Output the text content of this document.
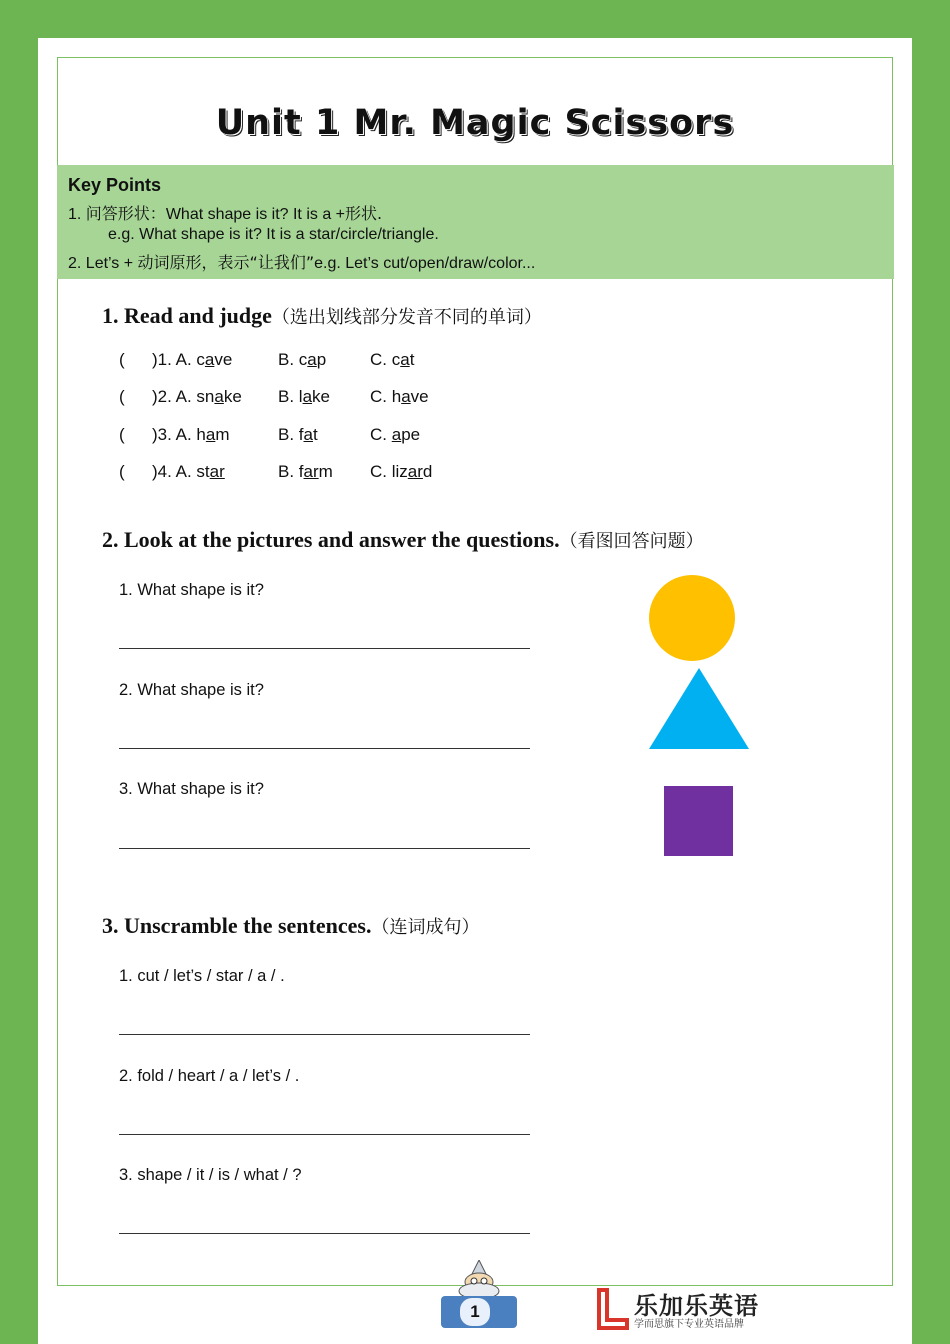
Unit 1 Mr. Magic Scissors
Key Points
1. 问答形状：What shape is it? It is a +形状.
e.g. What shape is it? It is a star/circle/triangle.
2. Let’s + 动词原形，表示“让我们”e.g. Let’s cut/open/draw/color...
1. Read and judge（选出划线部分发音不同的单词）
( )1. A. cave	B. cap	C. cat
( )2. A. snake B. lake C. have
( )3. A. ham	B. fat	C. ape
( )4. A. star	B. farm C. lizard
2. Look at the pictures and answer the questions.（看图回答问题）
1. What shape is it?
2. What shape is it?
3. What shape is it?
3. Unscramble the sentences.（连词成句）
1. cut / let’s / star / a / .
2. fold / heart / a / let’s / .
3. shape / it / is / what / ?
1	乐加乐英语
学而思旗下专业英语品牌
